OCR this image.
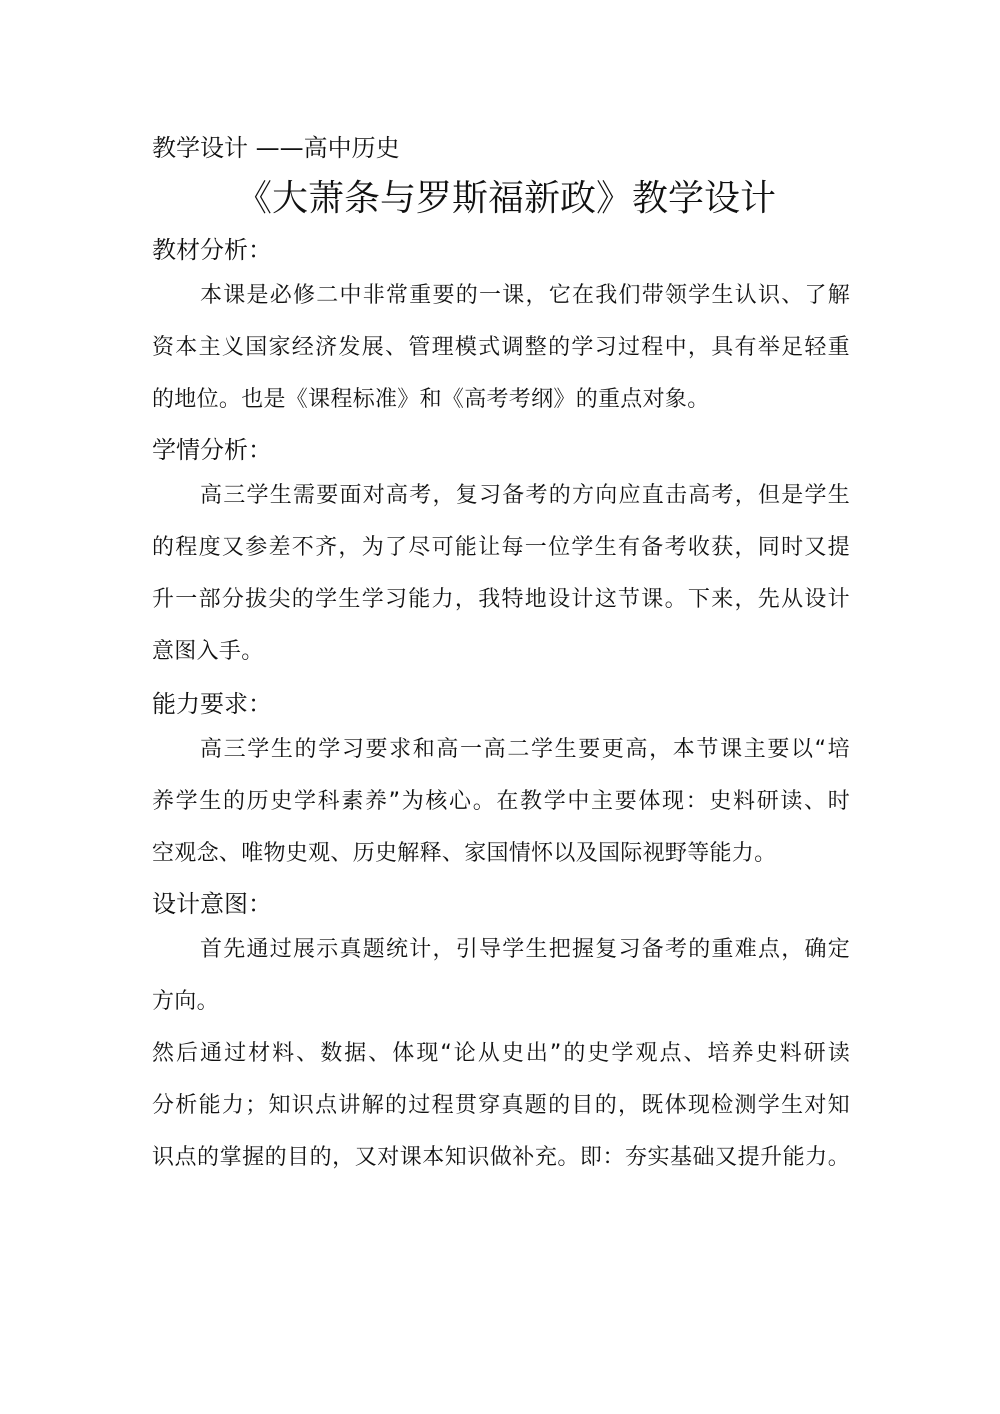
教学设计 ——高中历史

《大萧条与罗斯福新政》教学设计
教材分析：
本课是必修二中非常重要的一课，它在我们带领学生认识、了解
资本主义国家经济发展、管理模式调整的学习过程中，具有举足轻重
的地位。也是《课程标准》和《高考考纲》的重点对象。
学情分析：
高三学生需要面对高考，复习备考的方向应直击高考，但是学生
的程度又参差不齐，为了尽可能让每一位学生有备考收获，同时又提
升一部分拔尖的学生学习能力，我特地设计这节课。下来，先从设计
意图入手。
能力要求：
高三学生的学习要求和高一高二学生要更高，本节课主要以“培
养学生的历史学科素养”为核心。在教学中主要体现：史料研读、时
空观念、唯物史观、历史解释、家国情怀以及国际视野等能力。
设计意图：
首先通过展示真题统计，引导学生把握复习备考的重难点，确定
方向。
然后通过材料、数据、体现“论从史出”的史学观点、培养史料研读
分析能力；知识点讲解的过程贯穿真题的目的，既体现检测学生对知
识点的掌握的目的，又对课本知识做补充。即：夯实基础又提升能力。
